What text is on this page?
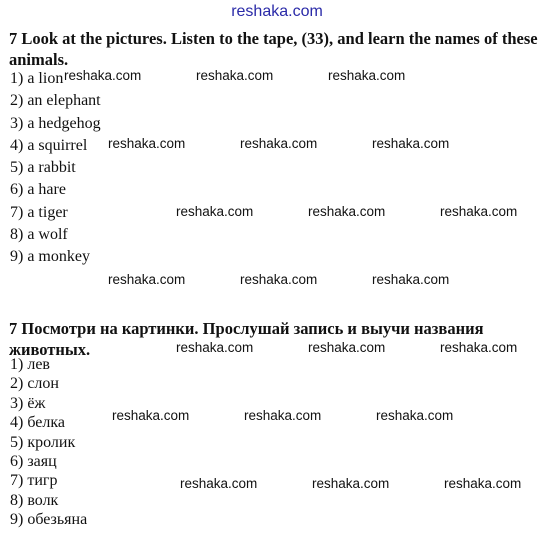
reshaka.com
7 Look at the pictures. Listen to the tape, (33), and learn the names of these animals.
1) a lion
2) an elephant
3) a hedgehog
4) a squirrel
5) a rabbit
6) a hare
7) a tiger
8) a wolf
9) a monkey
7 Посмотри на картинки. Прослушай запись и выучи названия животных.
1) лев
2) слон
3) ёж
4) белка
5) кролик
6) заяц
7) тигр
8) волк
9) обезьяна
reshaka.com	reshaka.com	reshaka.com
reshaka.com	reshaka.com	reshaka.com
reshaka.com	reshaka.com	reshaka.com
reshaka.com	reshaka.com	reshaka.com
reshaka.com	reshaka.com	reshaka.com
reshaka.com	reshaka.com	reshaka.com
reshaka.com	reshaka.com	reshaka.com
